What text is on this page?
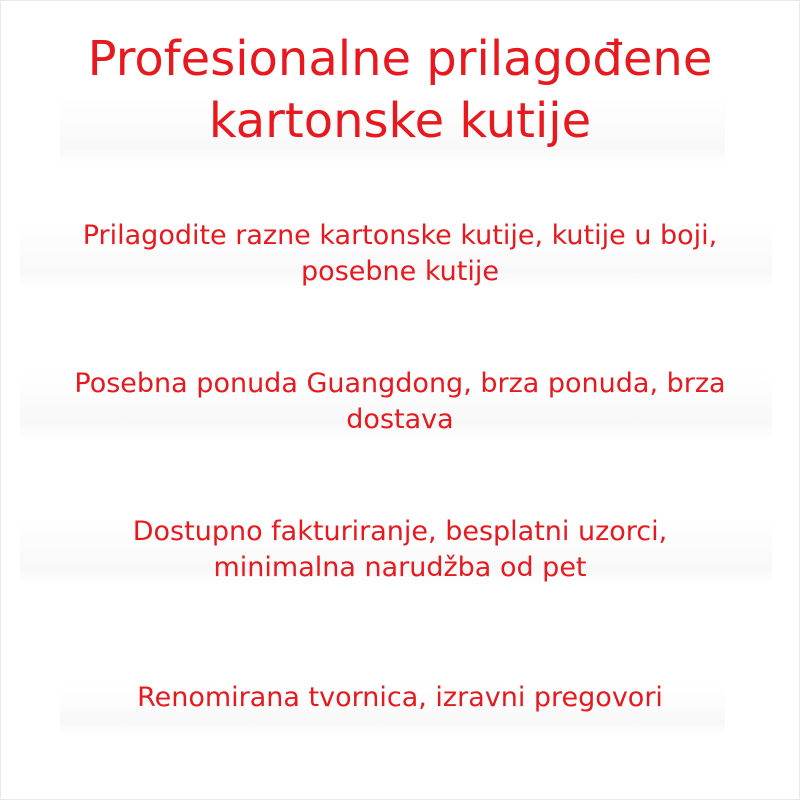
Profesionalne prilagođene
kartonske kutije

Prilagodite razne kartonske kutije, kutije u boji,
posebne kutije

Posebna ponuda Guangdong, brza ponuda, brza
dostava

Dostupno fakturiranje, besplatni uzorci,
minimalna narudžba od pet

Renomirana tvornica, izravni pregovori
